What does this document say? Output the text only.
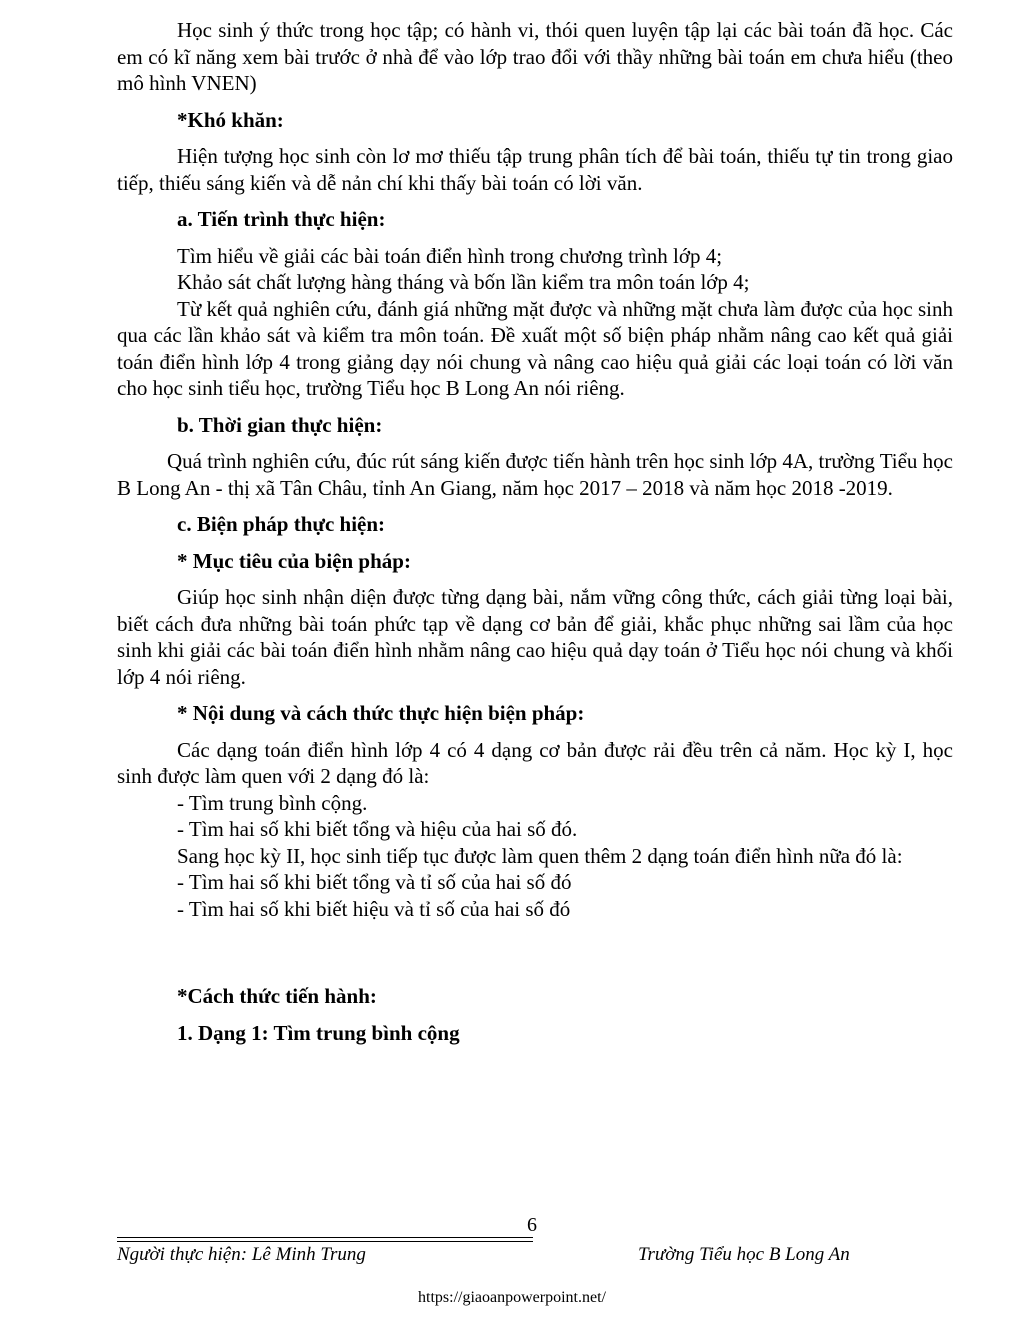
Học sinh ý thức trong học tập; có hành vi, thói quen luyện tập lại các bài toán đã học. Các em có kĩ năng xem bài trước ở nhà để vào lớp trao đổi với thầy những bài toán em chưa hiểu (theo mô hình VNEN)

*Khó khăn:

Hiện tượng học sinh còn lơ mơ thiếu tập trung phân tích để bài toán, thiếu tự tin trong giao tiếp, thiếu sáng kiến và dễ nản chí khi thấy bài toán có lời văn.

a. Tiến trình thực hiện:

Tìm hiểu về giải các bài toán điển hình trong chương trình lớp 4;

Khảo sát chất lượng hàng tháng và bốn lần kiểm tra môn toán lớp 4;

Từ kết quả nghiên cứu, đánh giá những mặt được và những mặt chưa làm được của học sinh qua các lần khảo sát và kiểm tra môn toán. Đề xuất một số biện pháp nhằm nâng cao kết quả giải toán điển hình lớp 4 trong giảng dạy nói chung và nâng cao hiệu quả giải các loại toán có lời văn cho học sinh tiểu học, trường Tiểu học B Long An nói riêng.

b. Thời gian thực hiện:

Quá trình nghiên cứu, đúc rút sáng kiến được tiến hành trên học sinh lớp 4A, trường Tiểu học B Long An - thị xã Tân Châu, tỉnh An Giang, năm học 2017 – 2018 và năm học 2018 -2019.

c. Biện pháp thực hiện:

* Mục tiêu của biện pháp:

Giúp học sinh nhận diện được từng dạng bài, nắm vững công thức, cách giải từng loại bài, biết cách đưa những bài toán phức tạp về dạng cơ bản để giải, khắc phục những sai lầm của học sinh khi giải các bài toán điển hình nhằm nâng cao hiệu quả dạy toán ở Tiểu học nói chung và khối lớp 4 nói riêng.

* Nội dung và cách thức thực hiện biện pháp:

Các dạng toán điển hình lớp 4 có 4 dạng cơ bản được rải đều trên cả năm. Học kỳ I, học sinh được làm quen với 2 dạng đó là:

- Tìm trung bình cộng.

- Tìm hai số khi biết tổng và hiệu của hai số đó.

Sang học kỳ II, học sinh tiếp tục được làm quen thêm 2 dạng toán điển hình nữa đó là:

- Tìm hai số khi biết tổng và tỉ số của hai số đó

- Tìm hai số khi biết hiệu và tỉ số của hai số đó

*Cách thức tiến hành:

1. Dạng 1: Tìm trung bình cộng

6
Người thực hiện: Lê Minh Trung	Trường Tiểu học B Long An
https://giaoanpowerpoint.net/
